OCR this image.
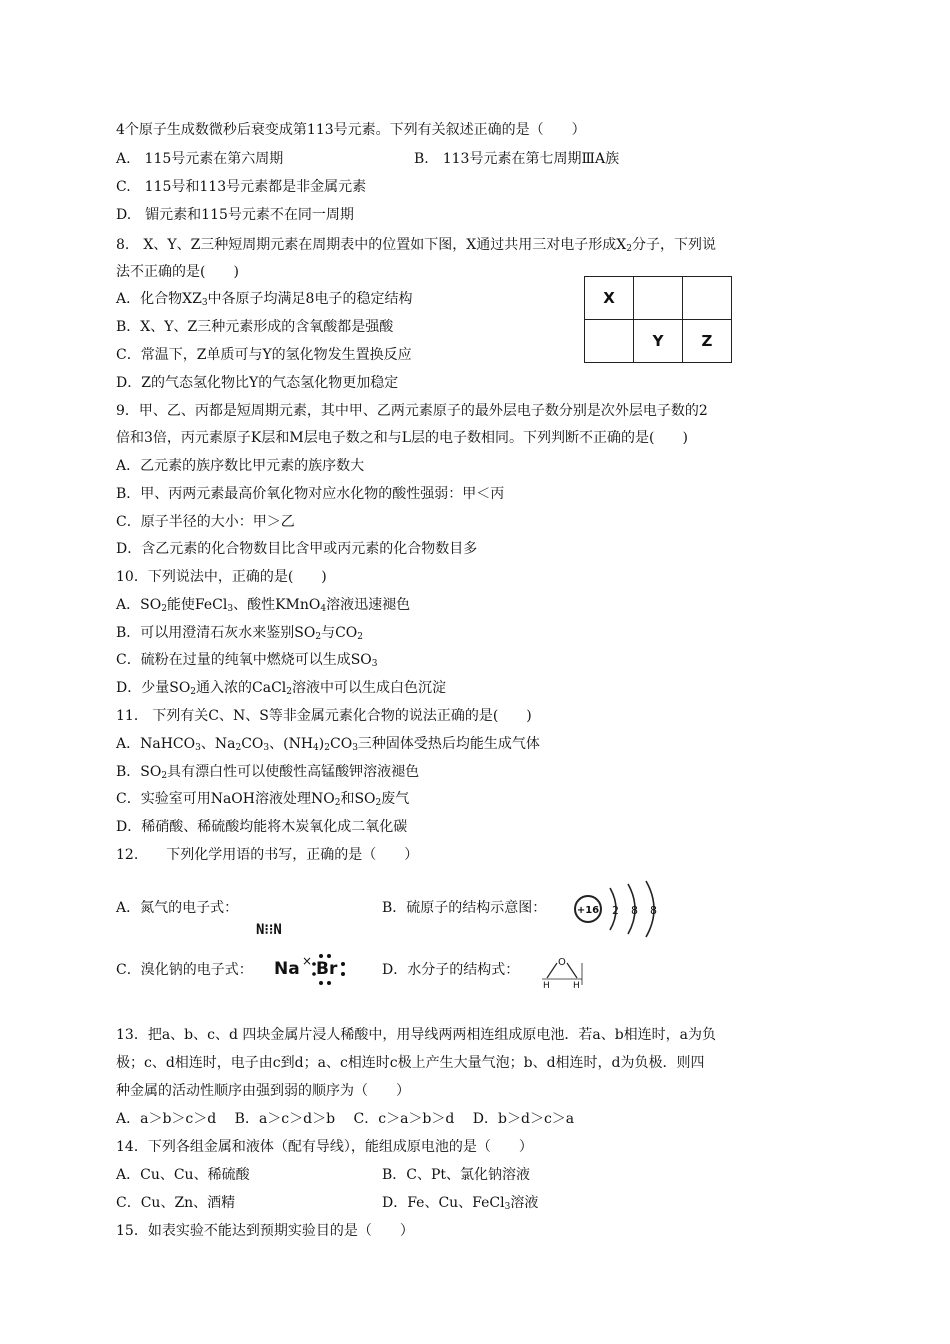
4个原子生成数微秒后衰变成第113号元素。下列有关叙述正确的是（　　）
A.　115号元素在第六周期	B.　113号元素在第七周期ⅢA族
C.　115号和113号元素都是非金属元素
D.　镅元素和115号元素不在同一周期
8.　X、Y、Z三种短周期元素在周期表中的位置如下图，X通过共用三对电子形成$X_2$分子，下列说
法不正确的是(　　)
A．化合物$XZ_3$中各原子均满足8电子的稳定结构
B．X、Y、Z三种元素形成的含氧酸都是强酸
C．常温下，Z单质可与Y的氢化物发生置换反应
D．Z的气态氢化物比Y的气态氢化物更加稳定
X		
	Y	Z
9．甲、乙、丙都是短周期元素，其中甲、乙两元素原子的最外层电子数分别是次外层电子数的2
倍和3倍，丙元素原子K层和M层电子数之和与L层的电子数相同。下列判断不正确的是(　　)
A．乙元素的族序数比甲元素的族序数大
B．甲、丙两元素最高价氧化物对应水化物的酸性强弱：甲＜丙
C．原子半径的大小：甲＞乙
D．含乙元素的化合物数目比含甲或丙元素的化合物数目多
10．下列说法中，正确的是(　　)
A．$SO_2$能使FeCl$_3$、酸性KMnO$_4$溶液迅速褪色
B．可以用澄清石灰水来鉴别$SO_2$与$CO_2$
C．硫粉在过量的纯氧中燃烧可以生成$SO_3$
D．少量$SO_2$通入浓的CaCl$_2$溶液中可以生成白色沉淀
11． 下列有关C、N、S等非金属元素化合物的说法正确的是(　　)
A．NaHCO$_3$、$Na_2CO_3$、$(NH_4)_2CO_3$三种固体受热后均能生成气体
B．$SO_2$具有漂白性可以使酸性高锰酸钾溶液褪色
C．实验室可用NaOH溶液处理$NO_2$和$SO_2$废气
D．稀硝酸、稀硫酸均能将木炭氧化成二氧化碳
12.　　下列化学用语的书写，正确的是（　　）
A．氮气的电子式：
N⁝⁝N
B．硫原子的结构示意图：	+16 2 8 8
C．溴化钠的电子式： Na × Br	D．水分子的结构式：	O
H	H
13．把a、b、c、d 四块金属片浸人稀酸中，用导线两两相连组成原电池．若a、b相连时，a为负
极；c、d相连时，电子由c到d；a、c相连时c极上产生大量气泡；b、d相连时，d为负极．则四
种金属的活动性顺序由强到弱的顺序为（　　）
A．a＞b＞c＞d　 B．a＞c＞d＞b　 C．c＞a＞b＞d　 D．b＞d＞c＞a
14．下列各组金属和液体（配有导线），能组成原电池的是（　　）
A．Cu、Cu、稀硫酸	B．C、Pt、氯化钠溶液
C．Cu、Zn、酒精	D．Fe、Cu、FeCl$_3$溶液
15．如表实验不能达到预期实验目的是（　　）
